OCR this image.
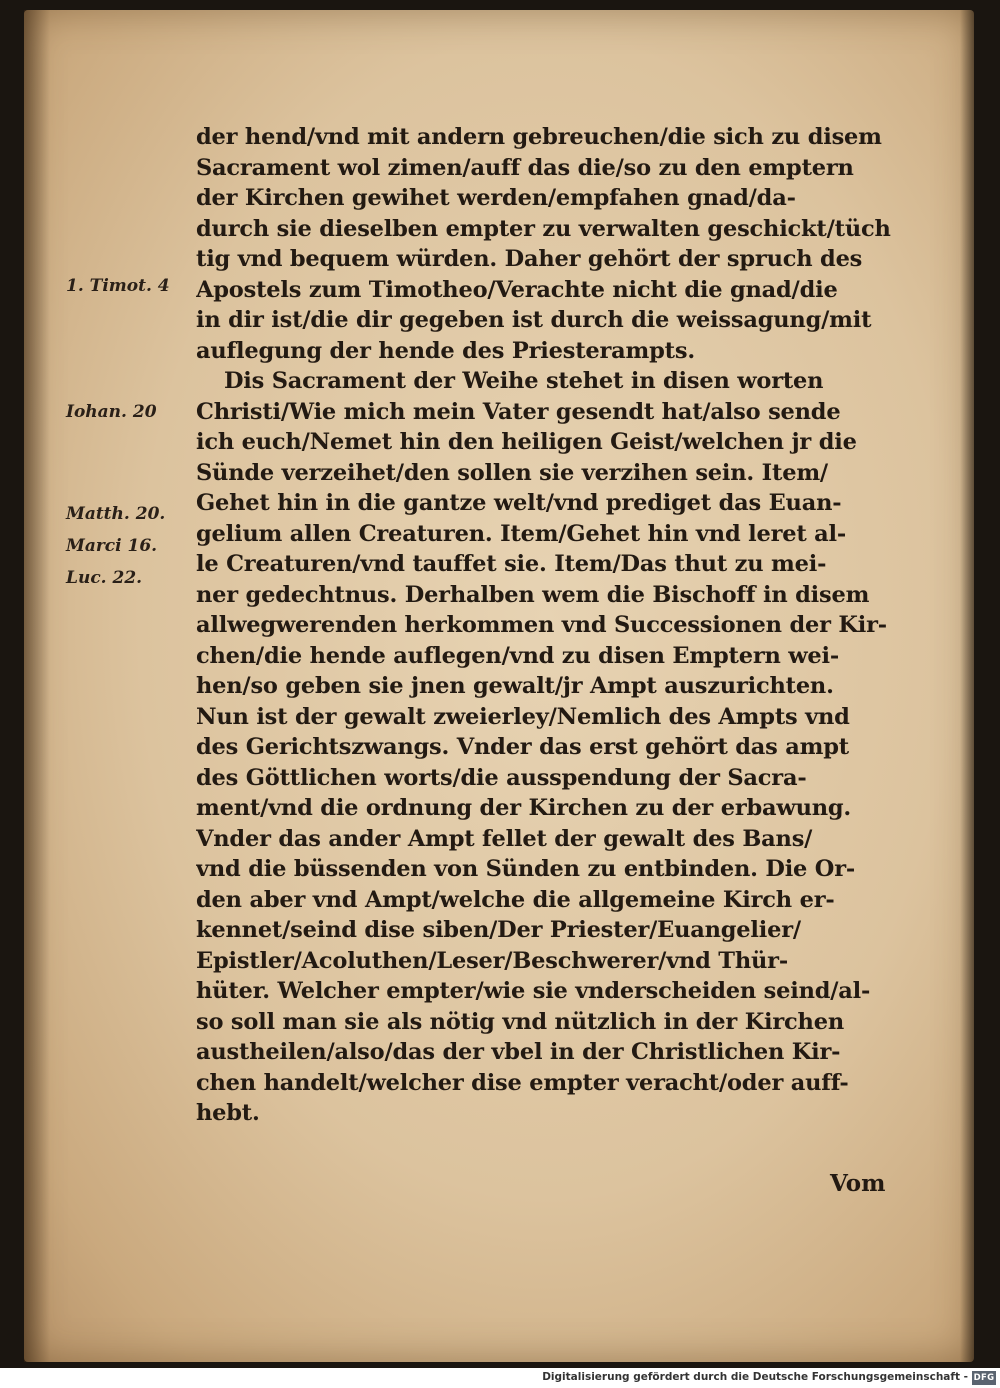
1. Timot. 4
Iohan. 20
Matth. 20.
Marci 16.
Luc. 22.
der hend/vnd mit andern gebreuchen/die sich zu disem
Sacrament wol zimen/auff das die/so zu den emptern
der Kirchen gewihet werden/empfahen gnad/da-
durch sie dieselben empter zu verwalten geschickt/tüch
tig vnd bequem würden. Daher gehört der spruch des
Apostels zum Timotheo/Verachte nicht die gnad/die
in dir ist/die dir gegeben ist durch die weissagung/mit
auflegung der hende des Priesterampts.
Dis Sacrament der Weihe stehet in disen worten
Christi/Wie mich mein Vater gesendt hat/also sende
ich euch/Nemet hin den heiligen Geist/welchen jr die
Sünde verzeihet/den sollen sie verzihen sein. Item/
Gehet hin in die gantze welt/vnd prediget das Euan-
gelium allen Creaturen. Item/Gehet hin vnd leret al-
le Creaturen/vnd tauffet sie. Item/Das thut zu mei-
ner gedechtnus. Derhalben wem die Bischoff in disem
allwegwerenden herkommen vnd Successionen der Kir-
chen/die hende auflegen/vnd zu disen Emptern wei-
hen/so geben sie jnen gewalt/jr Ampt auszurichten.
Nun ist der gewalt zweierley/Nemlich des Ampts vnd
des Gerichtszwangs. Vnder das erst gehört das ampt
des Göttlichen worts/die ausspendung der Sacra-
ment/vnd die ordnung der Kirchen zu der erbawung.
Vnder das ander Ampt fellet der gewalt des Bans/
vnd die büssenden von Sünden zu entbinden. Die Or-
den aber vnd Ampt/welche die allgemeine Kirch er-
kennet/seind dise siben/Der Priester/Euangelier/
Epistler/Acoluthen/Leser/Beschwerer/vnd Thür-
hüter. Welcher empter/wie sie vnderscheiden seind/al-
so soll man sie als nötig vnd nützlich in der Kirchen
austheilen/also/das der vbel in der Christlichen Kir-
chen handelt/welcher dise empter veracht/oder auff-
hebt.
Vom
Digitalisierung gefördert durch die Deutsche Forschungsgemeinschaft - DFG
